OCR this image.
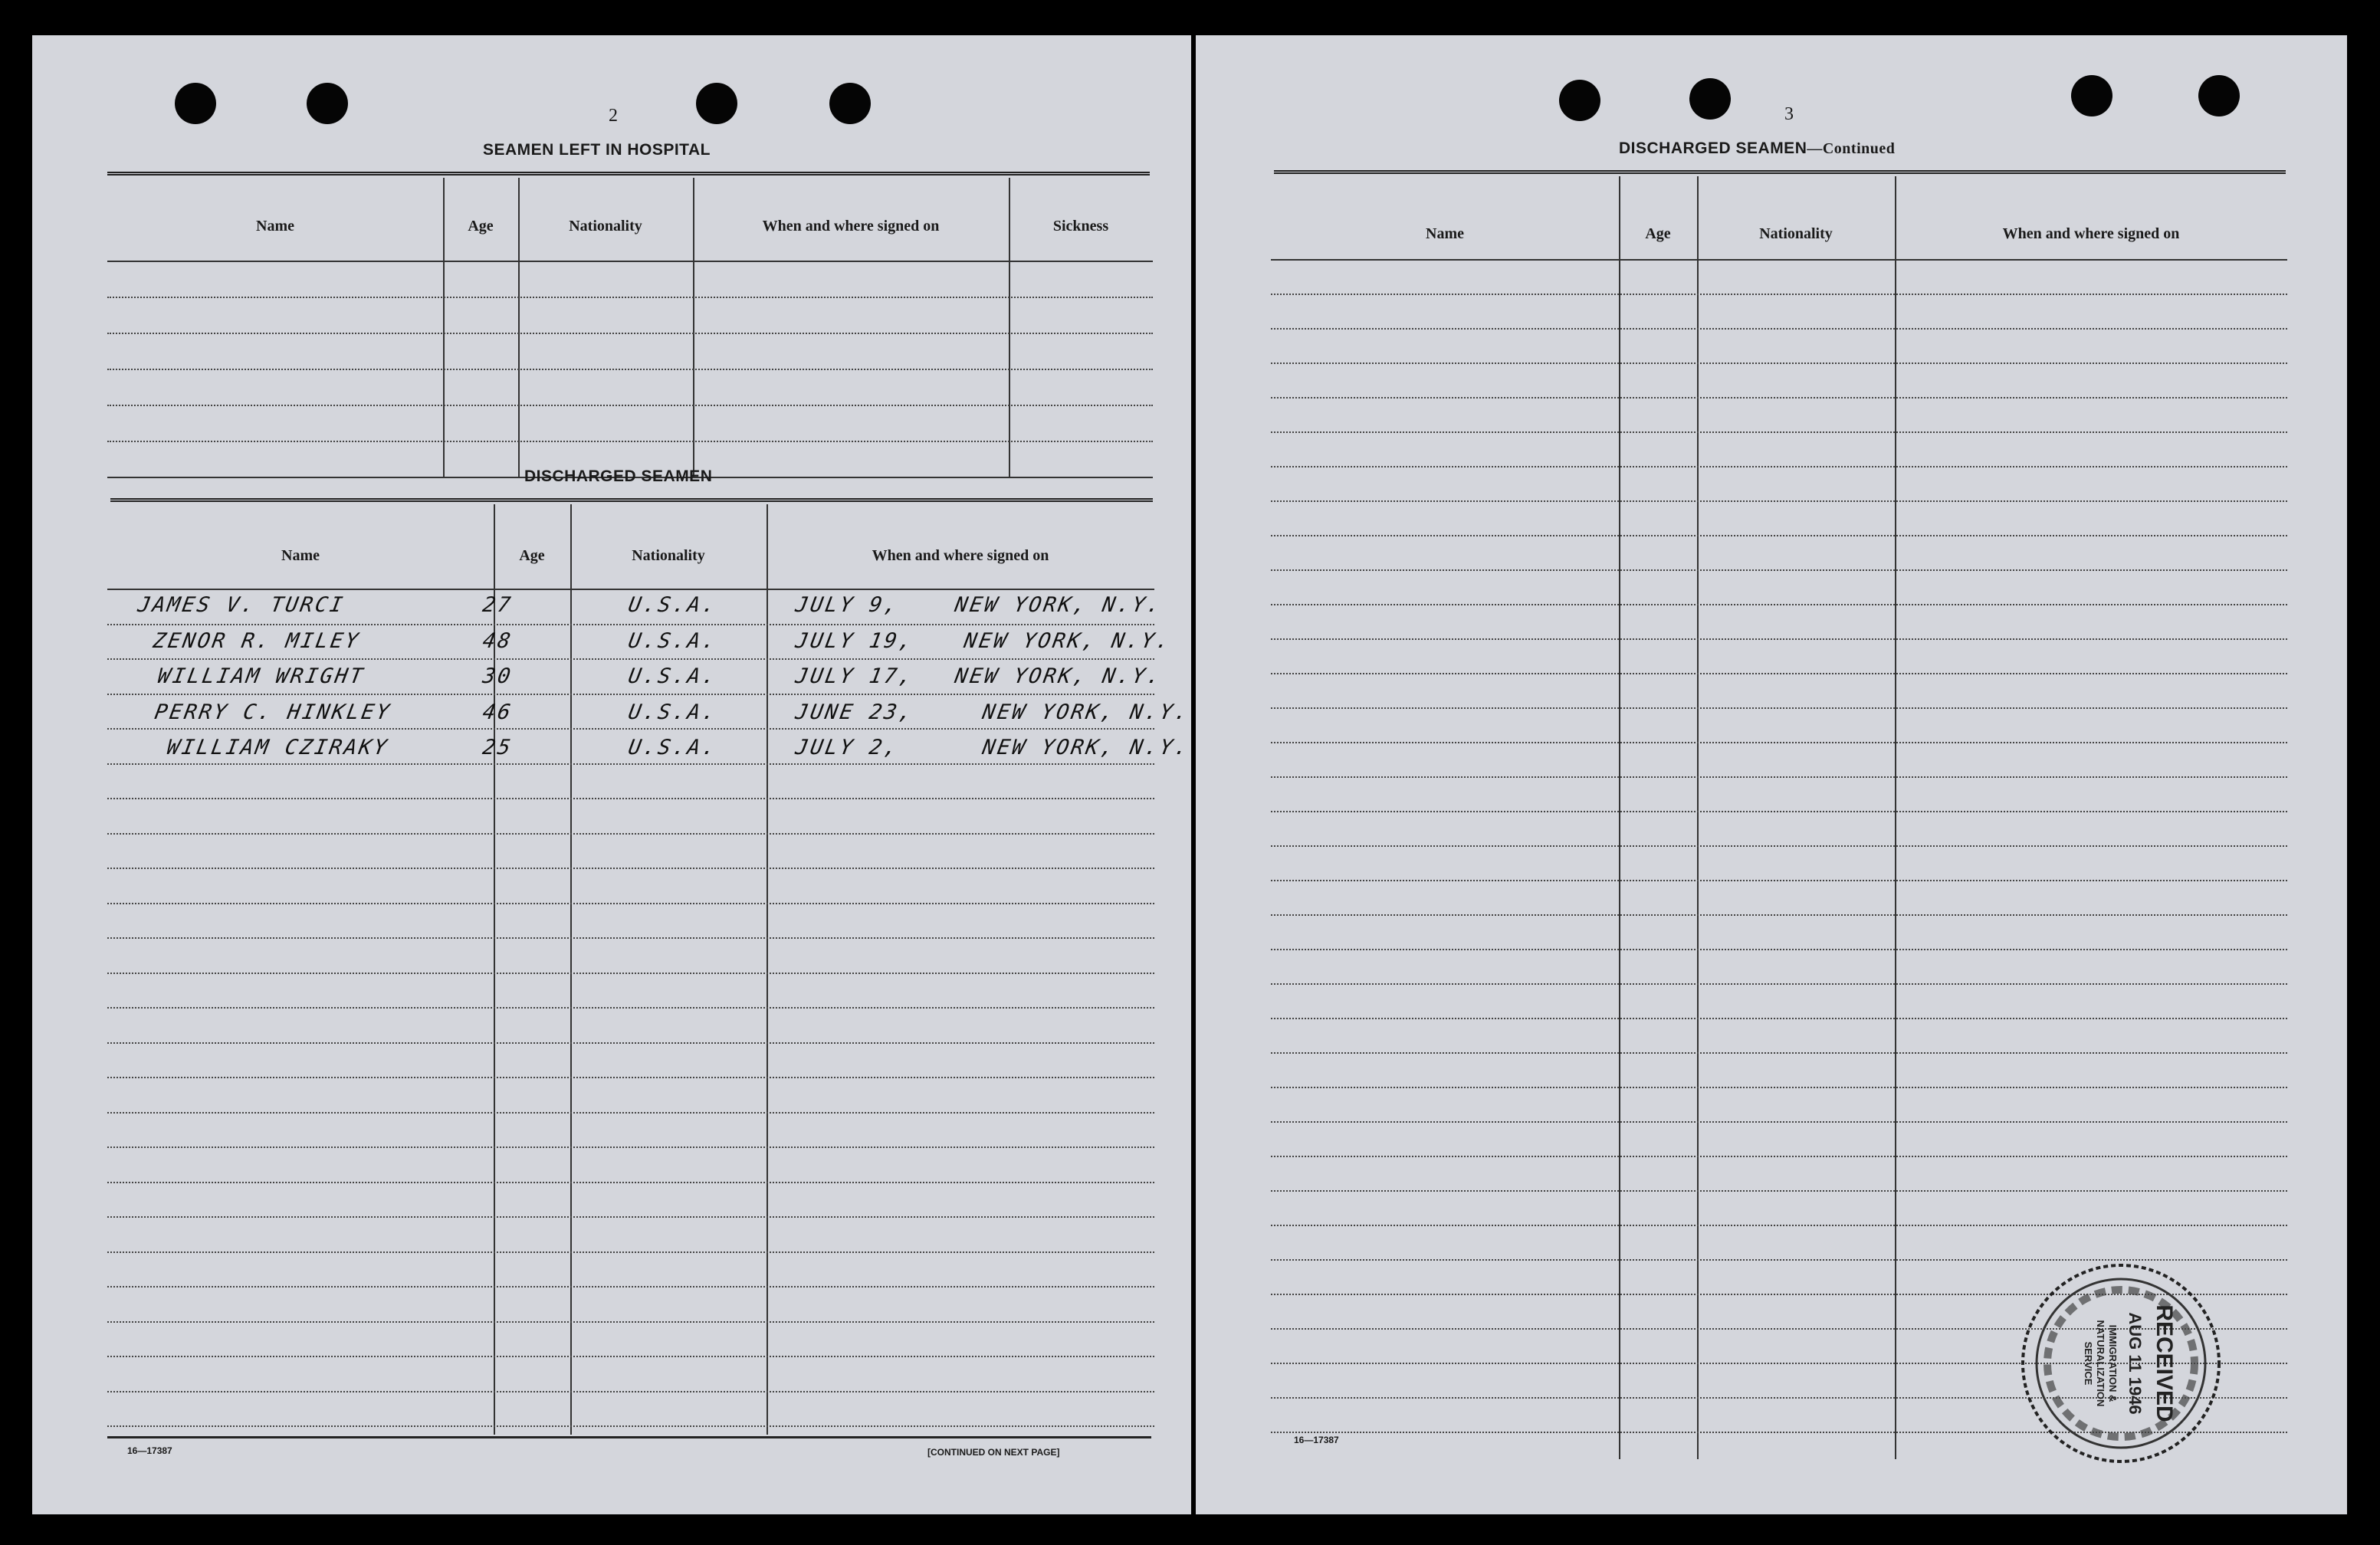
2
SEAMEN LEFT IN HOSPITAL
Name	Age	Nationality	When and where signed on	Sickness
DISCHARGED SEAMEN
Name	Age	Nationality	When and where signed on
JAMES V. TURCI	27	U.S.A.	JULY 9,	NEW YORK, N.Y.
ZENOR R. MILEY	48	U.S.A.	JULY 19, NEW YORK, N.Y.
WILLIAM WRIGHT	30	U.S.A.	JULY 17, NEW YORK, N.Y.
PERRY C. HINKLEY	46	U.S.A.	JUNE 23,	NEW YORK, N.Y.
WILLIAM CZIRAKY	25	U.S.A.	JULY 2,	NEW YORK, N.Y.
16—17387	[CONTINUED ON NEXT PAGE]
3
DISCHARGED SEAMEN—Continued
Name	Age	Nationality	When and where signed on
16—17387
RECEIVED
AUG 11 1946
IMMIGRATION &
NATURALIZATION
SERVICE
